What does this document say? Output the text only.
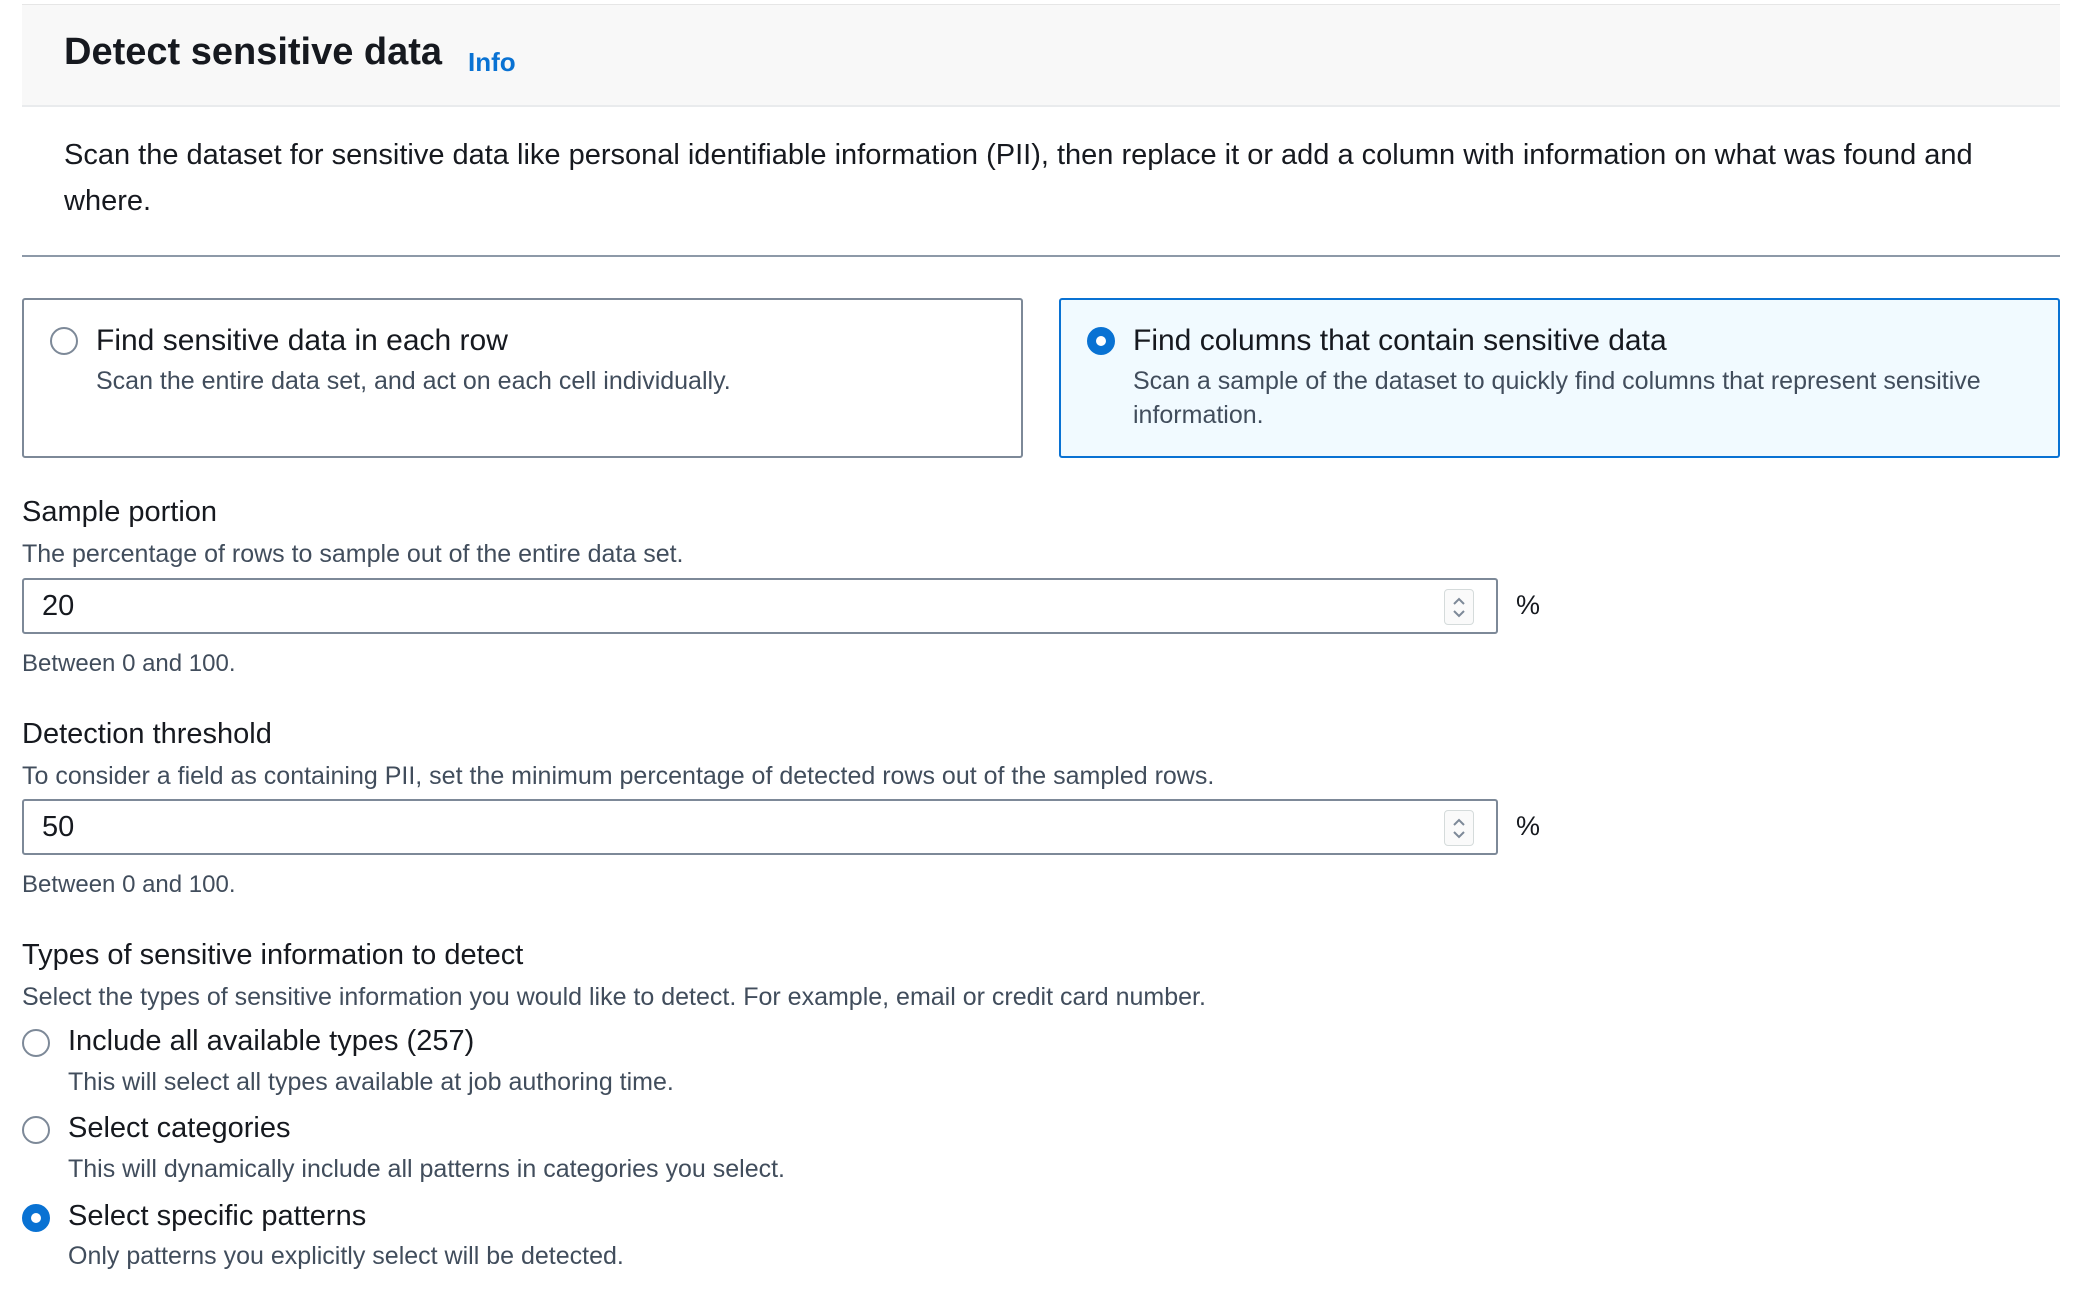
Detect sensitive data Info
Scan the dataset for sensitive data like personal identifiable information (PII), then replace it or add a column with information on what was found and where.
Find sensitive data in each row
Scan the entire data set, and act on each cell individually.
Find columns that contain sensitive data
Scan a sample of the dataset to quickly find columns that represent sensitive information.
Sample portion
The percentage of rows to sample out of the entire data set.
20	%
Between 0 and 100.
Detection threshold
To consider a field as containing PII, set the minimum percentage of detected rows out of the sampled rows.
50	%
Between 0 and 100.
Types of sensitive information to detect
Select the types of sensitive information you would like to detect. For example, email or credit card number.
Include all available types (257)
This will select all types available at job authoring time.
Select categories
This will dynamically include all patterns in categories you select.
Select specific patterns
Only patterns you explicitly select will be detected.
